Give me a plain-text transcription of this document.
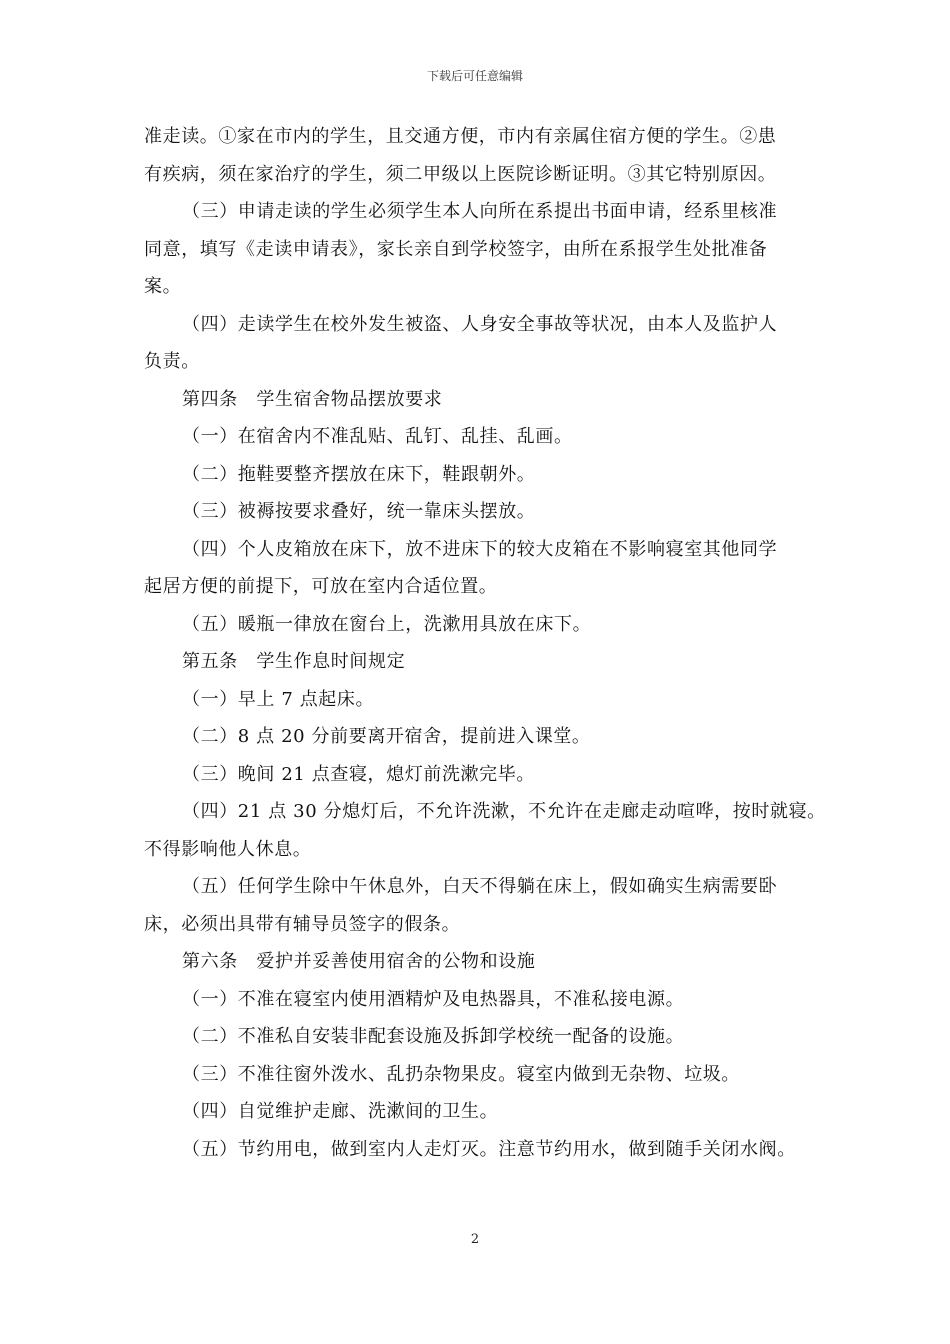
下载后可任意编辑

准走读。①家在市内的学生，且交通方便，市内有亲属住宿方便的学生。②患

有疾病，须在家治疗的学生，须二甲级以上医院诊断证明。③其它特别原因。

（三）申请走读的学生必须学生本人向所在系提出书面申请，经系里核准

同意，填写《走读申请表》，家长亲自到学校签字，由所在系报学生处批准备

案。

（四）走读学生在校外发生被盗、人身安全事故等状况，由本人及监护人

负责。

第四条　学生宿舍物品摆放要求

（一）在宿舍内不准乱贴、乱钉、乱挂、乱画。

（二）拖鞋要整齐摆放在床下，鞋跟朝外。

（三）被褥按要求叠好，统一靠床头摆放。

（四）个人皮箱放在床下，放不进床下的较大皮箱在不影响寝室其他同学

起居方便的前提下，可放在室内合适位置。

（五）暖瓶一律放在窗台上，洗漱用具放在床下。

第五条　学生作息时间规定

（一）早上 7 点起床。

（二）8 点 20 分前要离开宿舍，提前进入课堂。

（三）晚间 21 点查寝，熄灯前洗漱完毕。

（四）21 点 30 分熄灯后，不允许洗漱，不允许在走廊走动喧哗，按时就寝。

不得影响他人休息。

（五）任何学生除中午休息外，白天不得躺在床上，假如确实生病需要卧

床，必须出具带有辅导员签字的假条。

第六条　爱护并妥善使用宿舍的公物和设施

（一）不准在寝室内使用酒精炉及电热器具，不准私接电源。

（二）不准私自安装非配套设施及拆卸学校统一配备的设施。

（三）不准往窗外泼水、乱扔杂物果皮。寝室内做到无杂物、垃圾。

（四）自觉维护走廊、洗漱间的卫生。

（五）节约用电，做到室内人走灯灭。注意节约用水，做到随手关闭水阀。

2
